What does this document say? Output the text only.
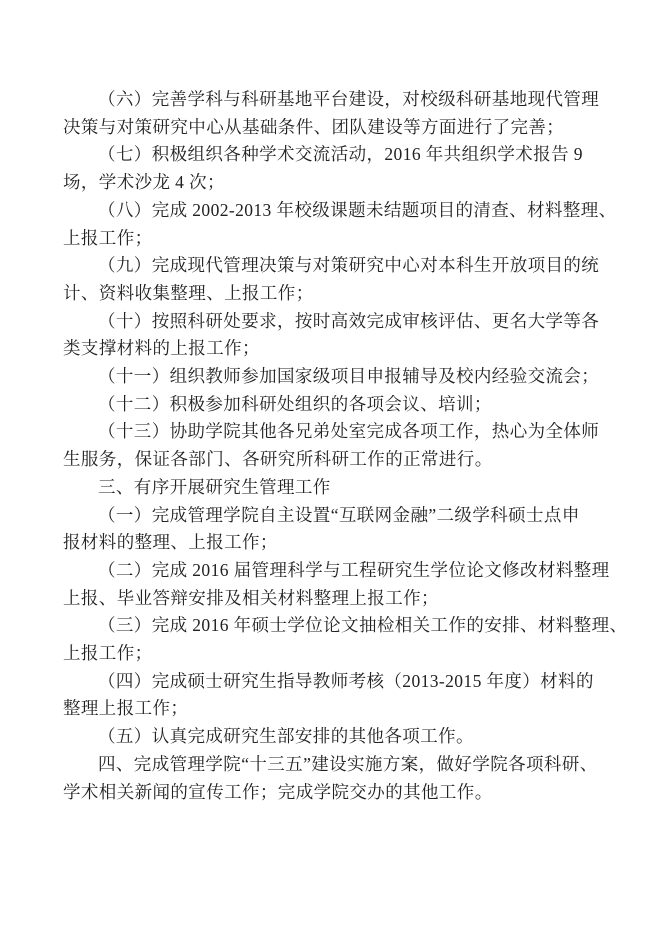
（六）完善学科与科研基地平台建设，对校级科研基地现代管理
决策与对策研究中心从基础条件、团队建设等方面进行了完善；
（七）积极组织各种学术交流活动，2016 年共组织学术报告 9
场，学术沙龙 4 次；
（八）完成 2002-2013 年校级课题未结题项目的清查、材料整理、
上报工作；
（九）完成现代管理决策与对策研究中心对本科生开放项目的统
计、资料收集整理、上报工作；
（十）按照科研处要求，按时高效完成审核评估、更名大学等各
类支撑材料的上报工作；
（十一）组织教师参加国家级项目申报辅导及校内经验交流会；
（十二）积极参加科研处组织的各项会议、培训；
（十三）协助学院其他各兄弟处室完成各项工作，热心为全体师
生服务，保证各部门、各研究所科研工作的正常进行。
三、有序开展研究生管理工作
（一）完成管理学院自主设置“互联网金融”二级学科硕士点申
报材料的整理、上报工作；
（二）完成 2016 届管理科学与工程研究生学位论文修改材料整理
上报、毕业答辩安排及相关材料整理上报工作；
（三）完成 2016 年硕士学位论文抽检相关工作的安排、材料整理、
上报工作；
（四）完成硕士研究生指导教师考核（2013-2015 年度）材料的
整理上报工作；
（五）认真完成研究生部安排的其他各项工作。
四、完成管理学院“十三五”建设实施方案，做好学院各项科研、
学术相关新闻的宣传工作；完成学院交办的其他工作。
